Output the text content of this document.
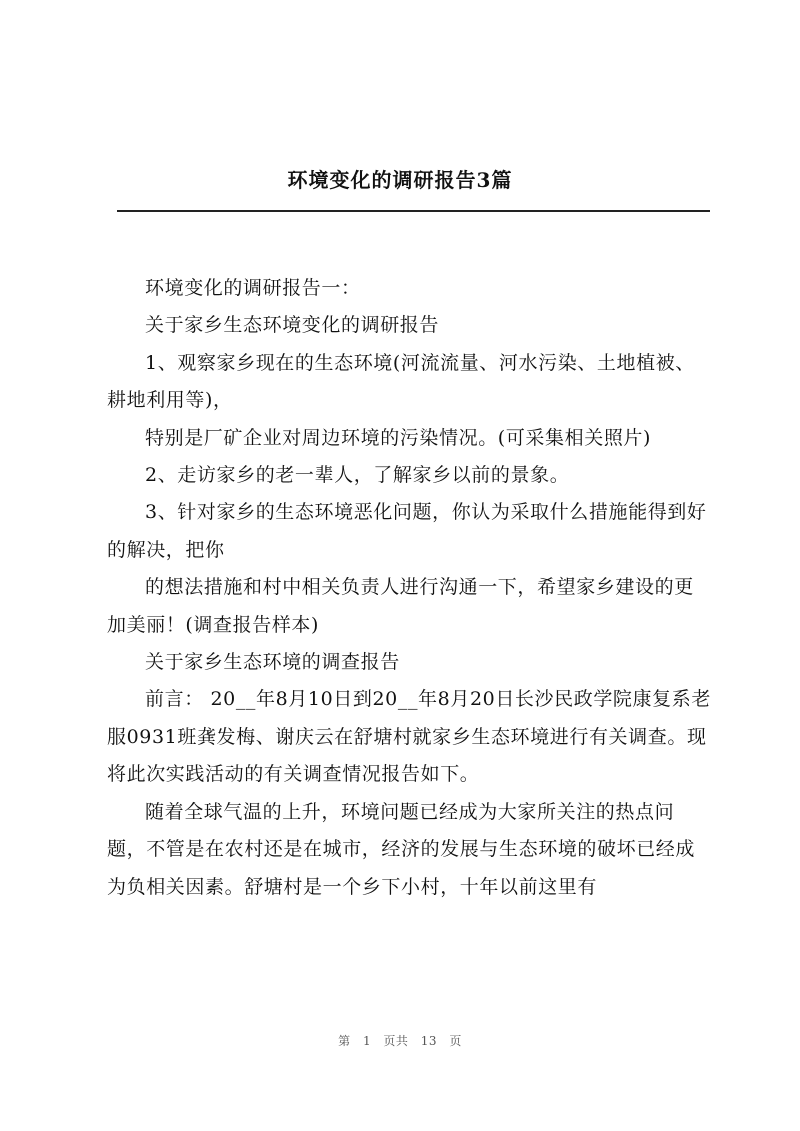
环境变化的调研报告3篇

环境变化的调研报告一：

关于家乡生态环境变化的调研报告

1、观察家乡现在的生态环境(河流流量、河水污染、土地植被、耕地利用等)，

特别是厂矿企业对周边环境的污染情况。(可采集相关照片)

2、走访家乡的老一辈人，了解家乡以前的景象。

3、针对家乡的生态环境恶化问题，你认为采取什么措施能得到好的解决，把你

的想法措施和村中相关负责人进行沟通一下，希望家乡建设的更加美丽！(调查报告样本)

关于家乡生态环境的调查报告

前言： 20__年8月10日到20__年8月20日长沙民政学院康复系老服0931班龚发梅、谢庆云在舒塘村就家乡生态环境进行有关调查。现将此次实践活动的有关调查情况报告如下。

随着全球气温的上升，环境问题已经成为大家所关注的热点问题，不管是在农村还是在城市，经济的发展与生态环境的破坏已经成为负相关因素。舒塘村是一个乡下小村，十年以前这里有

第 1 页共 13 页
